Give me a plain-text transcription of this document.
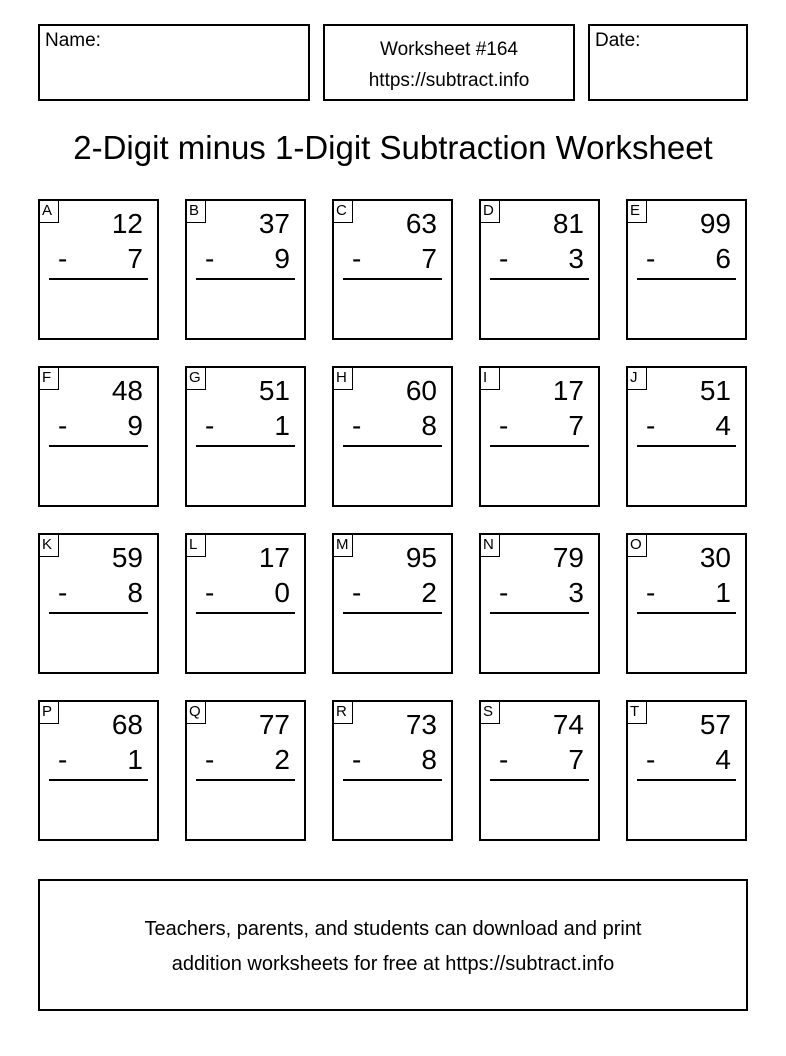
Name:	Worksheet #164
https://subtract.info
Date:
2-Digit minus 1-Digit Subtraction Worksheet
A 12
- 7
B 37
- 9
C 63
- 7
D 81
- 3
E 99
- 6
F 48
- 9
G 51
- 1
H 60
- 8
I	17
- 7
J	51
- 4
K 59
- 8
L	17
- 0
M 95
- 2
N 79
- 3
O 30
- 1
P 68
- 1
Q 77
- 2
R 73
- 8
S 74
- 7
T 57
- 4
Teachers, parents, and students can download and print
addition worksheets for free at https://subtract.info
